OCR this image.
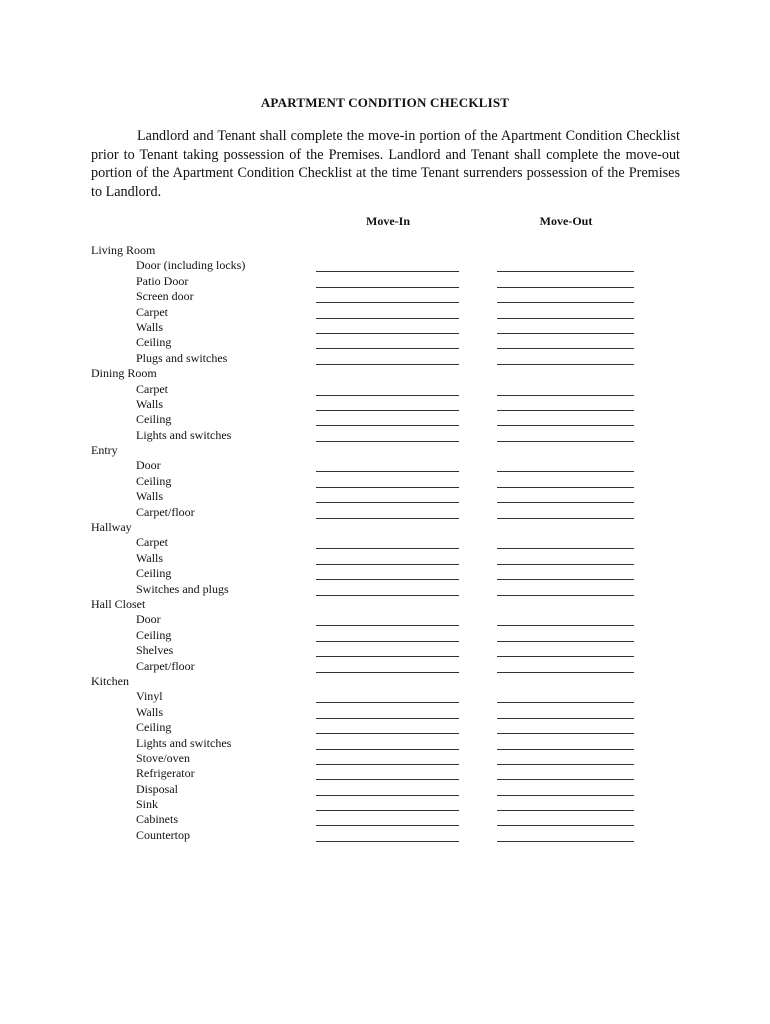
APARTMENT CONDITION CHECKLIST
Landlord and Tenant shall complete the move-in portion of the Apartment Condition Checklist prior to Tenant taking possession of the Premises. Landlord and Tenant shall complete the move-out portion of the Apartment Condition Checklist at the time Tenant surrenders possession of the Premises to Landlord.
Move-In	Move-Out
Living Room
Door (including locks)
Patio Door
Screen door
Carpet
Walls
Ceiling
Plugs and switches
Dining Room
Carpet
Walls
Ceiling
Lights and switches
Entry
Door
Ceiling
Walls
Carpet/floor
Hallway
Carpet
Walls
Ceiling
Switches and plugs
Hall Closet
Door
Ceiling
Shelves
Carpet/floor
Kitchen
Vinyl
Walls
Ceiling
Lights and switches
Stove/oven
Refrigerator
Disposal
Sink
Cabinets
Countertop
